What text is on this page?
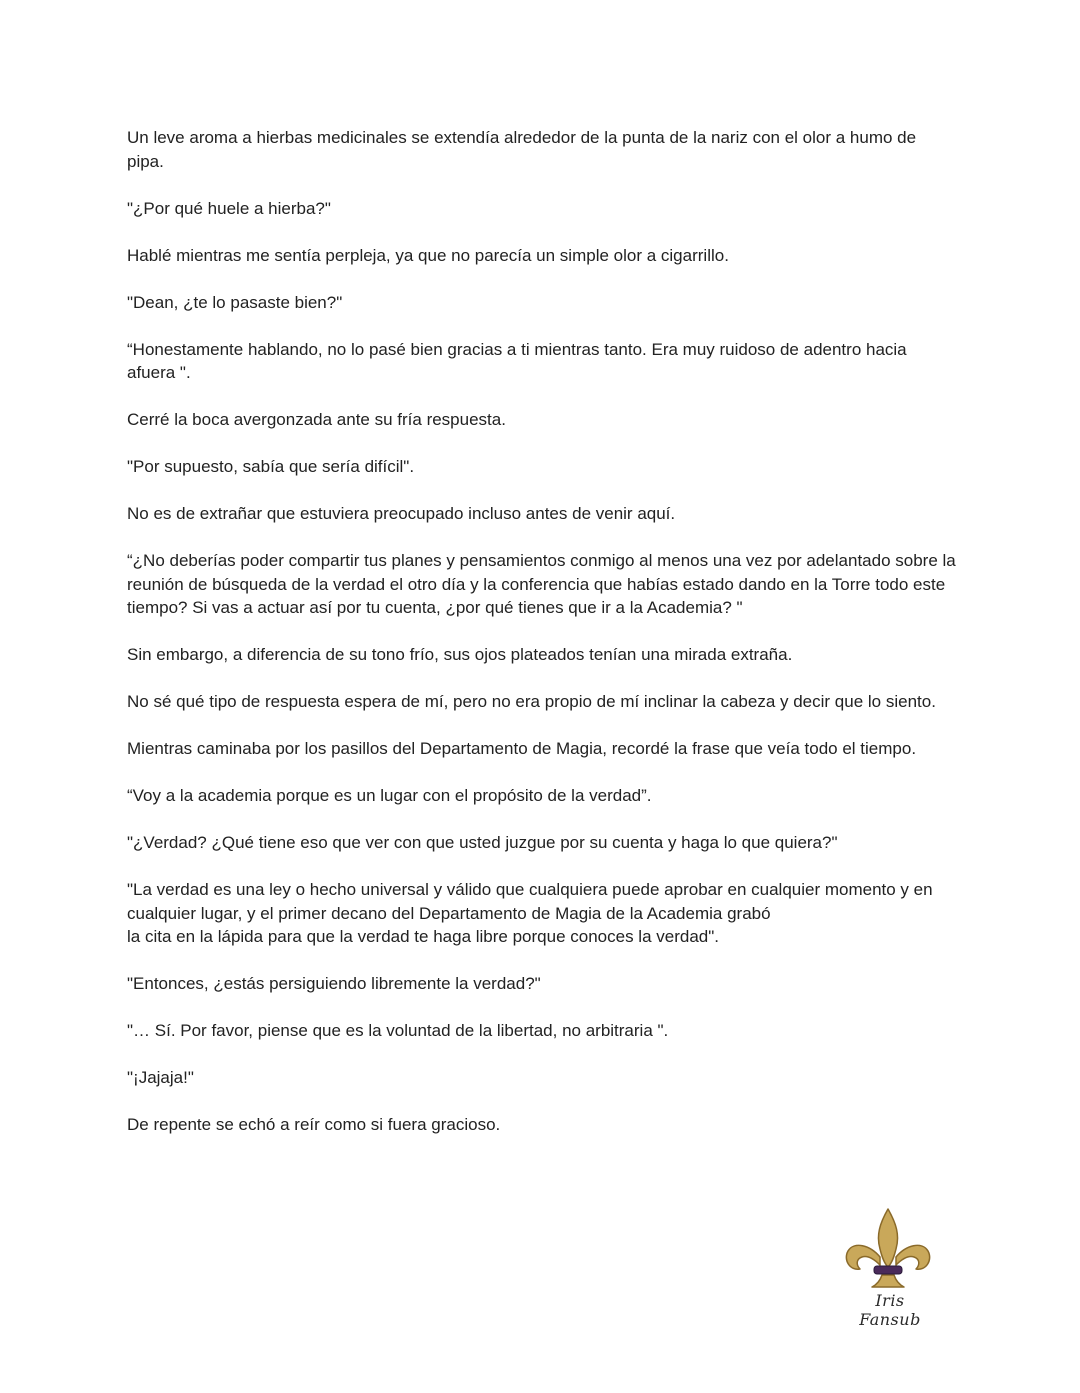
Un leve aroma a hierbas medicinales se extendía alrededor de la punta de la nariz con el olor a humo de pipa.

"¿Por qué huele a hierba?"

Hablé mientras me sentía perpleja, ya que no parecía un simple olor a cigarrillo.

"Dean, ¿te lo pasaste bien?"

“Honestamente hablando, no lo pasé bien gracias a ti mientras tanto. Era muy ruidoso de adentro hacia afuera ".

Cerré la boca avergonzada ante su fría respuesta.

"Por supuesto, sabía que sería difícil".

No es de extrañar que estuviera preocupado incluso antes de venir aquí.

“¿No deberías poder compartir tus planes y pensamientos conmigo al menos una vez por adelantado sobre la reunión de búsqueda de la verdad el otro día y la conferencia que habías estado dando en la Torre todo este tiempo? Si vas a actuar así por tu cuenta, ¿por qué tienes que ir a la Academia? "

Sin embargo, a diferencia de su tono frío, sus ojos plateados tenían una mirada extraña.

No sé qué tipo de respuesta espera de mí, pero no era propio de mí inclinar la cabeza y decir que lo siento.

Mientras caminaba por los pasillos del Departamento de Magia, recordé la frase que veía todo el tiempo.

“Voy a la academia porque es un lugar con el propósito de la verdad”.

"¿Verdad? ¿Qué tiene eso que ver con que usted juzgue por su cuenta y haga lo que quiera?"

"La verdad es una ley o hecho universal y válido que cualquiera puede aprobar en cualquier momento y en cualquier lugar, y el primer decano del Departamento de Magia de la Academia grabó
la cita en la lápida para que la verdad te haga libre porque conoces la verdad".

"Entonces, ¿estás persiguiendo libremente la verdad?"

"… Sí. Por favor, piense que es la voluntad de la libertad, no arbitraria ".

"¡Jajaja!"

De repente se echó a reír como si fuera gracioso.

Iris Fansub
